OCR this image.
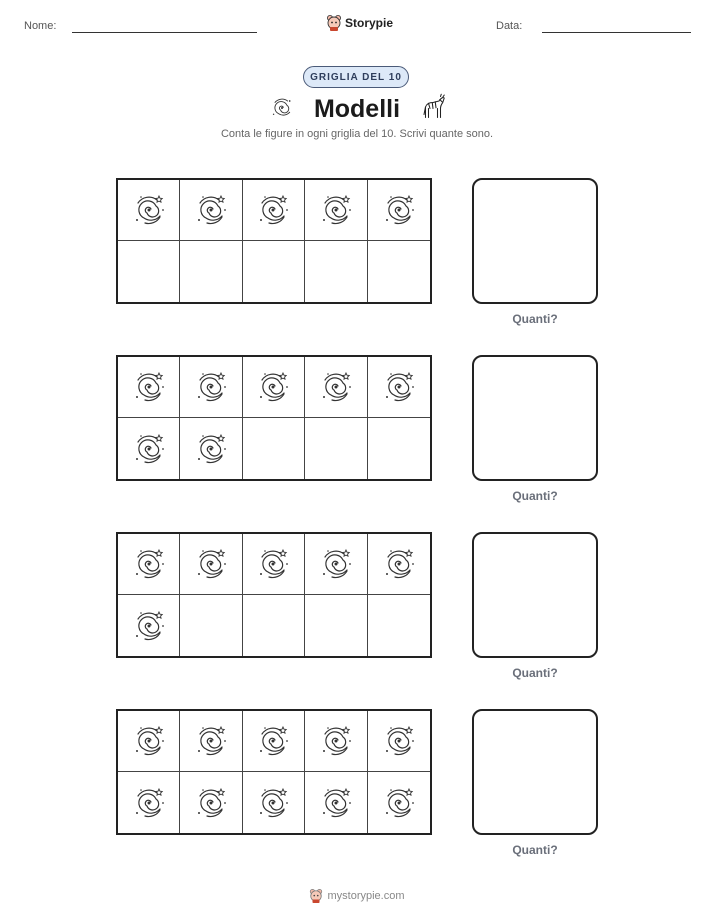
Nome:	Storypie	Data:
GRIGLIA DEL 10
Modelli
Conta le figure in ogni griglia del 10. Scrivi quante sono.
Quanti?
Quanti?
Quanti?
Quanti?
mystorypie.com
